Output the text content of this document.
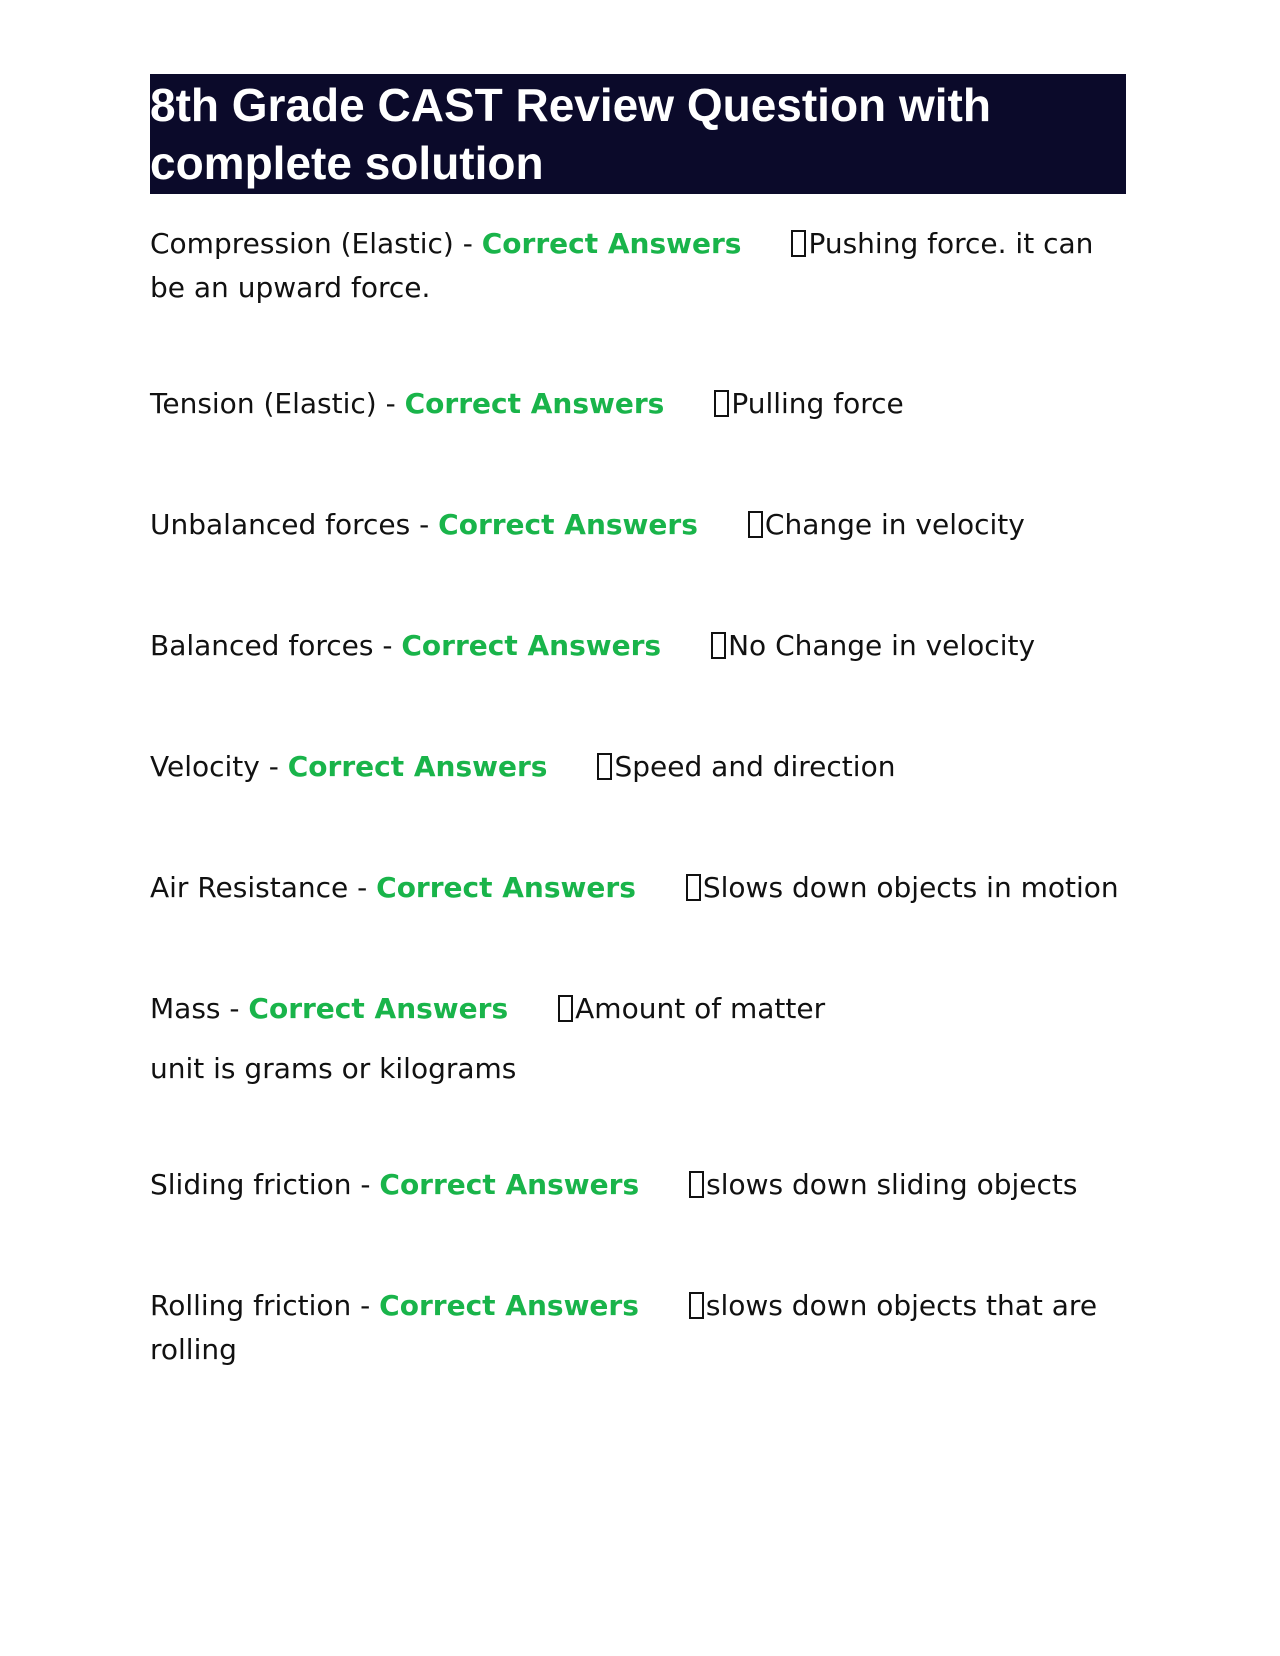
8th Grade CAST Review Question with complete solution

Compression (Elastic) - Correct Answers Pushing force. it can be an upward force.

Tension (Elastic) - Correct Answers Pulling force

Unbalanced forces - Correct Answers Change in velocity

Balanced forces - Correct Answers No Change in velocity

Velocity - Correct Answers Speed and direction

Air Resistance - Correct Answers Slows down objects in motion

Mass - Correct Answers Amount of matter
unit is grams or kilograms

Sliding friction - Correct Answers slows down sliding objects

Rolling friction - Correct Answers slows down objects that are rolling
